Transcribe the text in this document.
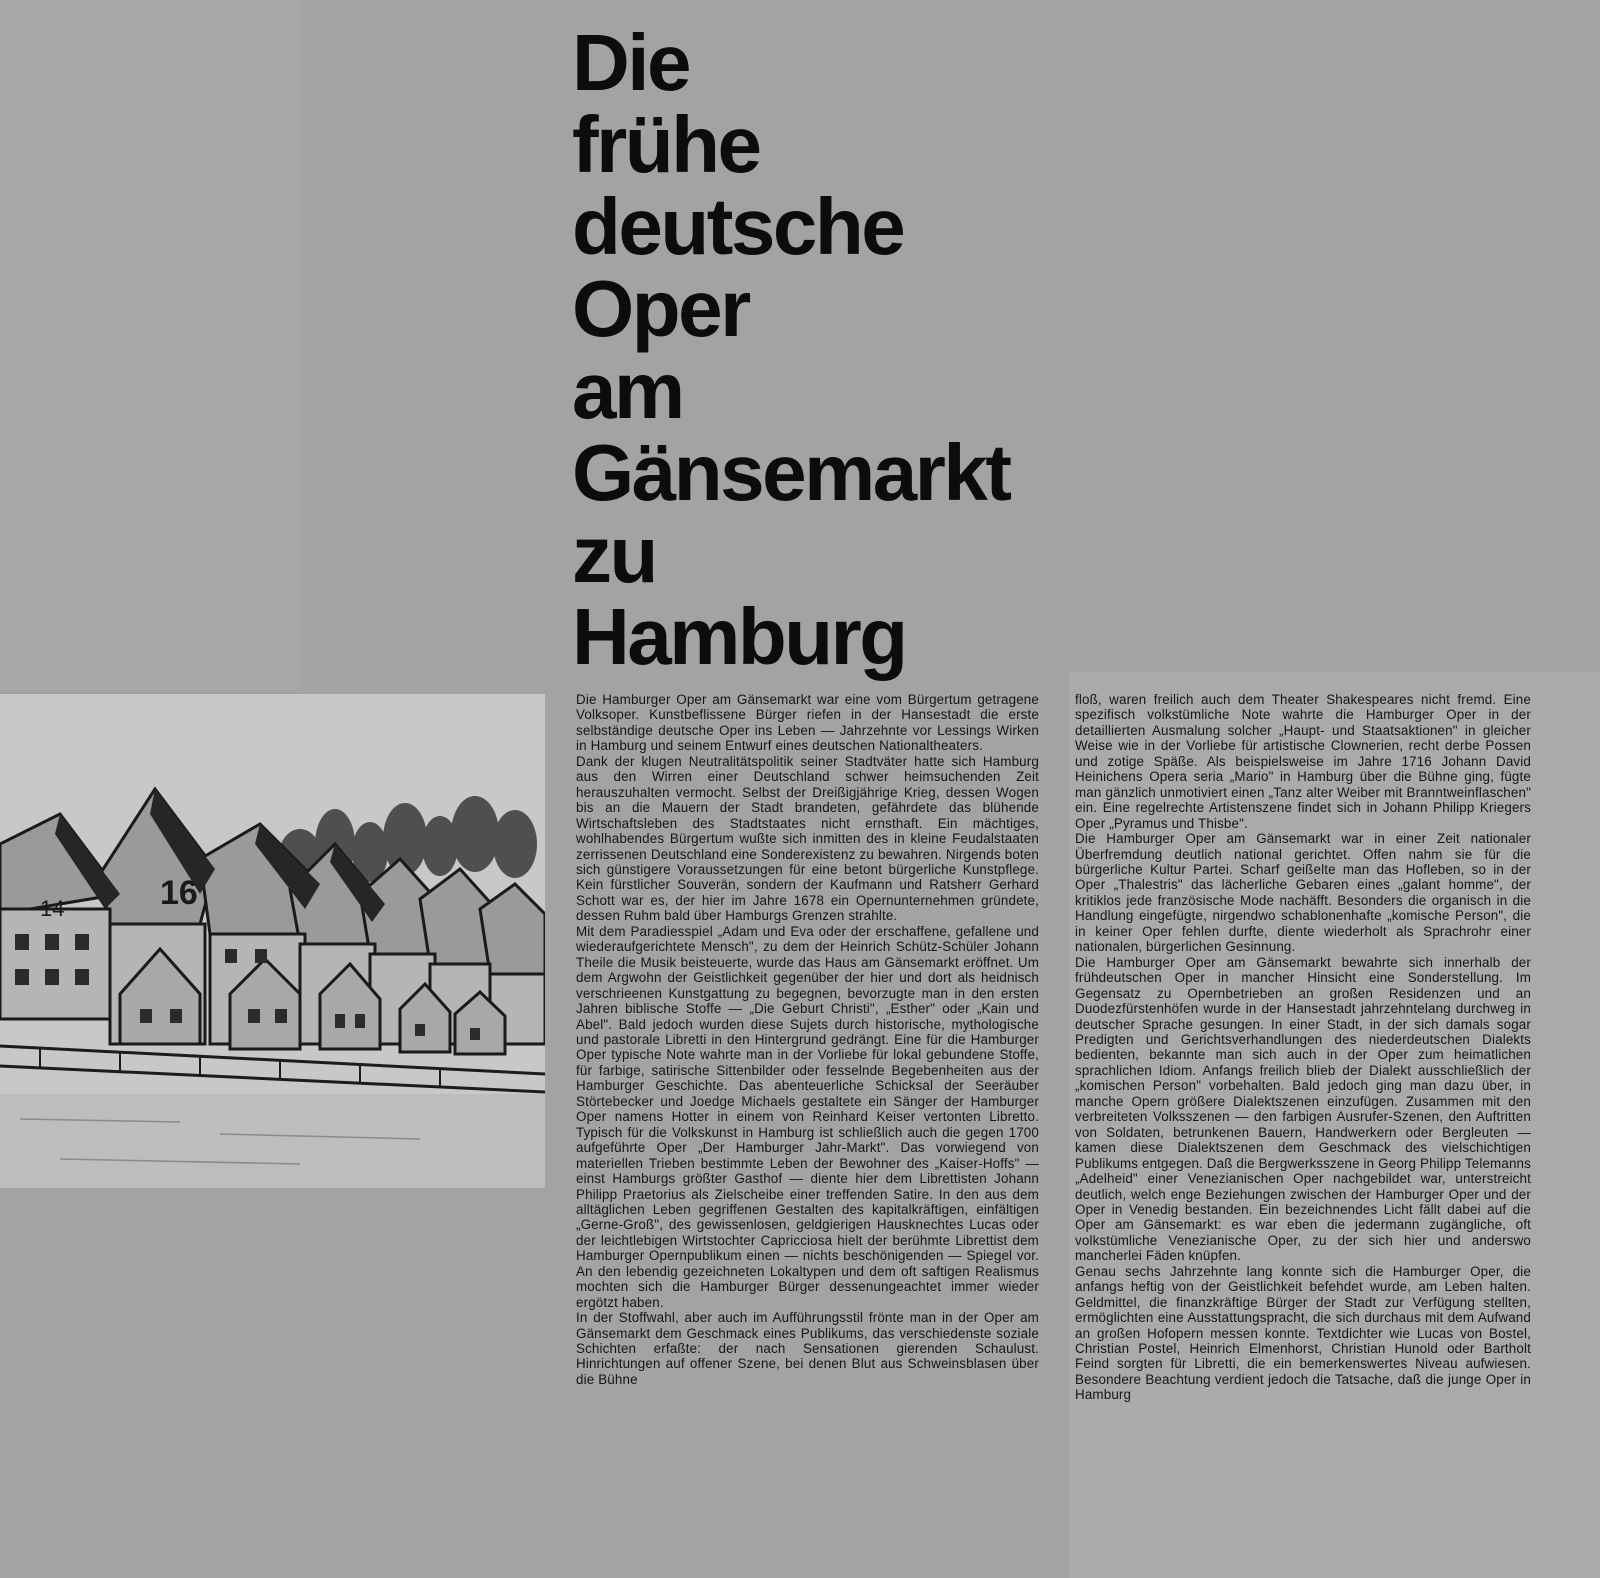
Die
frühe
deutsche
Oper
am
Gänsemarkt
zu
Hamburg
16
14

Die Hamburger Oper am Gänsemarkt war eine vom Bürgertum getragene Volksoper. Kunstbeflissene Bürger riefen in der Hansestadt die erste selbständige deutsche Oper ins Leben — Jahrzehnte vor Lessings Wirken in Hamburg und seinem Entwurf eines deutschen Nationaltheaters.

Dank der klugen Neutralitätspolitik seiner Stadtväter hatte sich Hamburg aus den Wirren einer Deutschland schwer heimsuchenden Zeit herauszuhalten vermocht. Selbst der Dreißigjährige Krieg, dessen Wogen bis an die Mauern der Stadt brandeten, gefährdete das blühende Wirtschaftsleben des Stadtstaates nicht ernsthaft. Ein mächtiges, wohlhabendes Bürgertum wußte sich inmitten des in kleine Feudalstaaten zerrissenen Deutschland eine Sonderexistenz zu bewahren. Nirgends boten sich günstigere Voraussetzungen für eine betont bürgerliche Kunstpflege. Kein fürstlicher Souverän, sondern der Kaufmann und Ratsherr Gerhard Schott war es, der hier im Jahre 1678 ein Opernunternehmen gründete, dessen Ruhm bald über Hamburgs Grenzen strahlte.

Mit dem Paradiesspiel „Adam und Eva oder der erschaffene, gefallene und wiederaufgerichtete Mensch", zu dem der Heinrich Schütz-Schüler Johann Theile die Musik beisteuerte, wurde das Haus am Gänsemarkt eröffnet. Um dem Argwohn der Geistlichkeit gegenüber der hier und dort als heidnisch verschrieenen Kunstgattung zu begegnen, bevorzugte man in den ersten Jahren biblische Stoffe — „Die Geburt Christi", „Esther" oder „Kain und Abel". Bald jedoch wurden diese Sujets durch historische, mythologische und pastorale Libretti in den Hintergrund gedrängt. Eine für die Hamburger Oper typische Note wahrte man in der Vorliebe für lokal gebundene Stoffe, für farbige, satirische Sittenbilder oder fesselnde Begebenheiten aus der Hamburger Geschichte. Das abenteuerliche Schicksal der Seeräuber Störtebecker und Joedge Michaels gestaltete ein Sänger der Hamburger Oper namens Hotter in einem von Reinhard Keiser vertonten Libretto. Typisch für die Volkskunst in Hamburg ist schließlich auch die gegen 1700 aufgeführte Oper „Der Hamburger Jahr-Markt". Das vorwiegend von materiellen Trieben bestimmte Leben der Bewohner des „Kaiser-Hoffs" — einst Hamburgs größter Gasthof — diente hier dem Librettisten Johann Philipp Praetorius als Zielscheibe einer treffenden Satire. In den aus dem alltäglichen Leben gegriffenen Gestalten des kapitalkräftigen, einfältigen „Gerne-Groß", des gewissenlosen, geldgierigen Hausknechtes Lucas oder der leichtlebigen Wirtstochter Capricciosa hielt der berühmte Librettist dem Hamburger Opernpublikum einen — nichts beschönigenden — Spiegel vor. An den lebendig gezeichneten Lokaltypen und dem oft saftigen Realismus mochten sich die Hamburger Bürger dessenungeachtet immer wieder ergötzt haben.

In der Stoffwahl, aber auch im Aufführungsstil frönte man in der Oper am Gänsemarkt dem Geschmack eines Publikums, das verschiedenste soziale Schichten erfaßte: der nach Sensationen gierenden Schaulust. Hinrichtungen auf offener Szene, bei denen Blut aus Schweinsblasen über die Bühne

floß, waren freilich auch dem Theater Shakespeares nicht fremd. Eine spezifisch volkstümliche Note wahrte die Hamburger Oper in der detaillierten Ausmalung solcher „Haupt- und Staatsaktionen" in gleicher Weise wie in der Vorliebe für artistische Clownerien, recht derbe Possen und zotige Späße. Als beispielsweise im Jahre 1716 Johann David Heinichens Opera seria „Mario" in Hamburg über die Bühne ging, fügte man gänzlich unmotiviert einen „Tanz alter Weiber mit Branntweinflaschen" ein. Eine regelrechte Artistenszene findet sich in Johann Philipp Kriegers Oper „Pyramus und Thisbe".

Die Hamburger Oper am Gänsemarkt war in einer Zeit nationaler Überfremdung deutlich national gerichtet. Offen nahm sie für die bürgerliche Kultur Partei. Scharf geißelte man das Hofleben, so in der Oper „Thalestris" das lächerliche Gebaren eines „galant homme", der kritiklos jede französische Mode nachäfft. Besonders die organisch in die Handlung eingefügte, nirgendwo schablonenhafte „komische Person", die in keiner Oper fehlen durfte, diente wiederholt als Sprachrohr einer nationalen, bürgerlichen Gesinnung.

Die Hamburger Oper am Gänsemarkt bewahrte sich innerhalb der frühdeutschen Oper in mancher Hinsicht eine Sonderstellung. Im Gegensatz zu Opernbetrieben an großen Residenzen und an Duodezfürstenhöfen wurde in der Hansestadt jahrzehntelang durchweg in deutscher Sprache gesungen. In einer Stadt, in der sich damals sogar Predigten und Gerichtsverhandlungen des niederdeutschen Dialekts bedienten, bekannte man sich auch in der Oper zum heimatlichen sprachlichen Idiom. Anfangs freilich blieb der Dialekt ausschließlich der „komischen Person" vorbehalten. Bald jedoch ging man dazu über, in manche Opern größere Dialektszenen einzufügen. Zusammen mit den verbreiteten Volksszenen — den farbigen Ausrufer-Szenen, den Auftritten von Soldaten, betrunkenen Bauern, Handwerkern oder Bergleuten — kamen diese Dialektszenen dem Geschmack des vielschichtigen Publikums entgegen. Daß die Bergwerksszene in Georg Philipp Telemanns „Adelheid" einer Venezianischen Oper nachgebildet war, unterstreicht deutlich, welch enge Beziehungen zwischen der Hamburger Oper und der Oper in Venedig bestanden. Ein bezeichnendes Licht fällt dabei auf die Oper am Gänsemarkt: es war eben die jedermann zugängliche, oft volkstümliche Venezianische Oper, zu der sich hier und anderswo mancherlei Fäden knüpfen.

Genau sechs Jahrzehnte lang konnte sich die Hamburger Oper, die anfangs heftig von der Geistlichkeit befehdet wurde, am Leben halten. Geldmittel, die finanzkräftige Bürger der Stadt zur Verfügung stellten, ermöglichten eine Ausstattungspracht, die sich durchaus mit dem Aufwand an großen Hofopern messen konnte. Textdichter wie Lucas von Bostel, Christian Postel, Heinrich Elmenhorst, Christian Hunold oder Bartholt Feind sorgten für Libretti, die ein bemerkenswertes Niveau aufwiesen. Besondere Beachtung verdient jedoch die Tatsache, daß die junge Oper in Hamburg
